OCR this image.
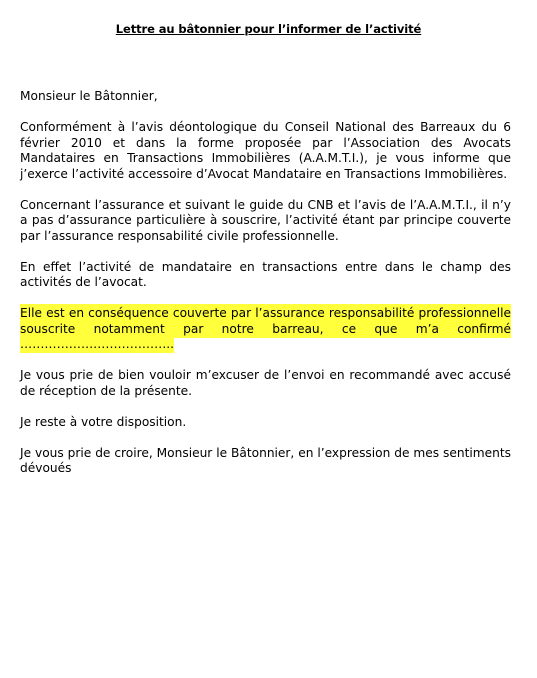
Lettre au bâtonnier pour l’informer de l’activité

Monsieur le Bâtonnier,

Conformément à l’avis déontologique du Conseil National des Barreaux du 6 février 2010 et dans la forme proposée par l’Association des Avocats Mandataires en Transactions Immobilières (A.A.M.T.I.), je vous informe que j’exerce l’activité accessoire d’Avocat Mandataire en Transactions Immobilières.

Concernant l’assurance et suivant le guide du CNB et l’avis de l’A.A.M.T.I., il n’y a pas d’assurance particulière à souscrire, l’activité étant par principe couverte par l’assurance responsabilité civile professionnelle.

En effet l’activité de mandataire en transactions entre dans le champ des activités de l’avocat.

Elle est en conséquence couverte par l’assurance responsabilité professionnelle souscrite notamment par notre barreau, ce que m’a confirmé ………………………………..

Je vous prie de bien vouloir m’excuser de l’envoi en recommandé avec accusé de réception de la présente.

Je reste à votre disposition.

Je vous prie de croire, Monsieur le Bâtonnier, en l’expression de mes sentiments dévoués
